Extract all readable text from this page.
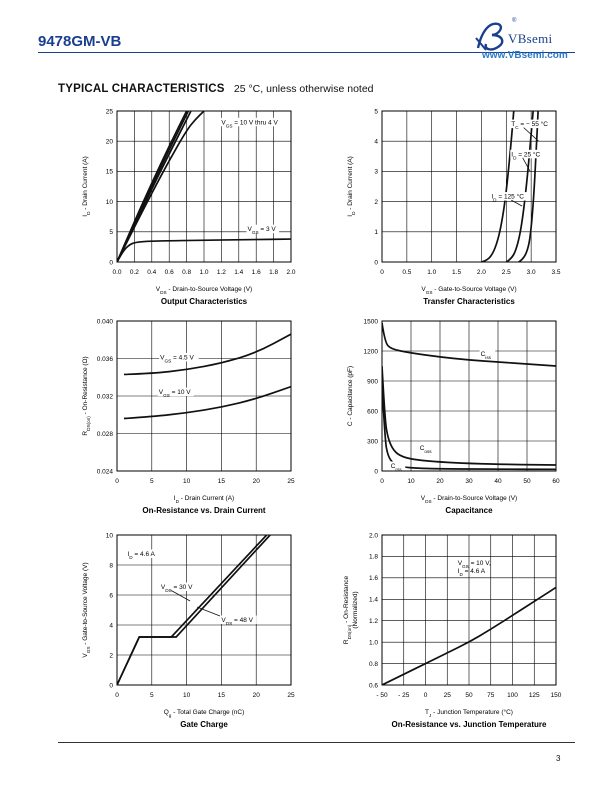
9478GM-VB
®
VBsemi
www.VBsemi.com
TYPICAL CHARACTERISTICS 25 °C, unless otherwise noted
0.0 0.2 0.4 0.6 0.8 1.0 1.2 1.4 1.6 1.8 2.0
0
5
10
15
20
25
$V_{DS}$ - Drain-to-Source Voltage (V)
$I_D$ - Drain Current (A)
Output Characteristics
$V_{GS} = 10$ V thru 4 V
$V_{GS} = 3$ V
0	0.5 1.0 1.5 2.0 2.5 3.0 3.5
0
1
2
3
4
5
$V_{GS}$ - Gate-to-Source Voltage (V)
$I_D$ - Drain Current (A)
Transfer Characteristics
$T_C$ = − 55 °C
$I_D = 25$ °C
$I_D = 125$ °C
0	5	10	15	20	25
0.024
0.028
0.032
0.036
0.040
$I_D$ - Drain Current (A)
$R_{DS(on)}$ - On-Resistance (Ω)
On-Resistance vs. Drain Current
$V_{GS} = 4.5$ V
$V_{GS} = 10$ V
0	10	20	30	40	50	60
0
300
600
900
1200
1500
$V_{DS}$ - Drain-to-Source Voltage (V)
C - Capacitance (pF)
Capacitance
$C_{iss}$
$C_{oss}$
$C_{rss}$
0	5	10	15	20	25
0
2
4
6
8
10
$Q_g$ - Total Gate Charge (nC)
$V_{GS}$ - Gate-to-Source Voltage (V)
Gate Charge
$I_D = 4.6$ A
$V_{DS} = 30$ V
$V_{DS} = 48$ V
- 50 - 25 0	25 50 75 100 125 150
0.6
0.8
1.0
1.2
1.4
1.6
1.8
2.0
$T_J$ - Junction Temperature (°C)
$R_{DS(on)}$ - On-Resistance (Normalized)
On-Resistance vs. Junction Temperature
$V_{GS} = 10$ V,
$I_D = 4.6$ A
3
